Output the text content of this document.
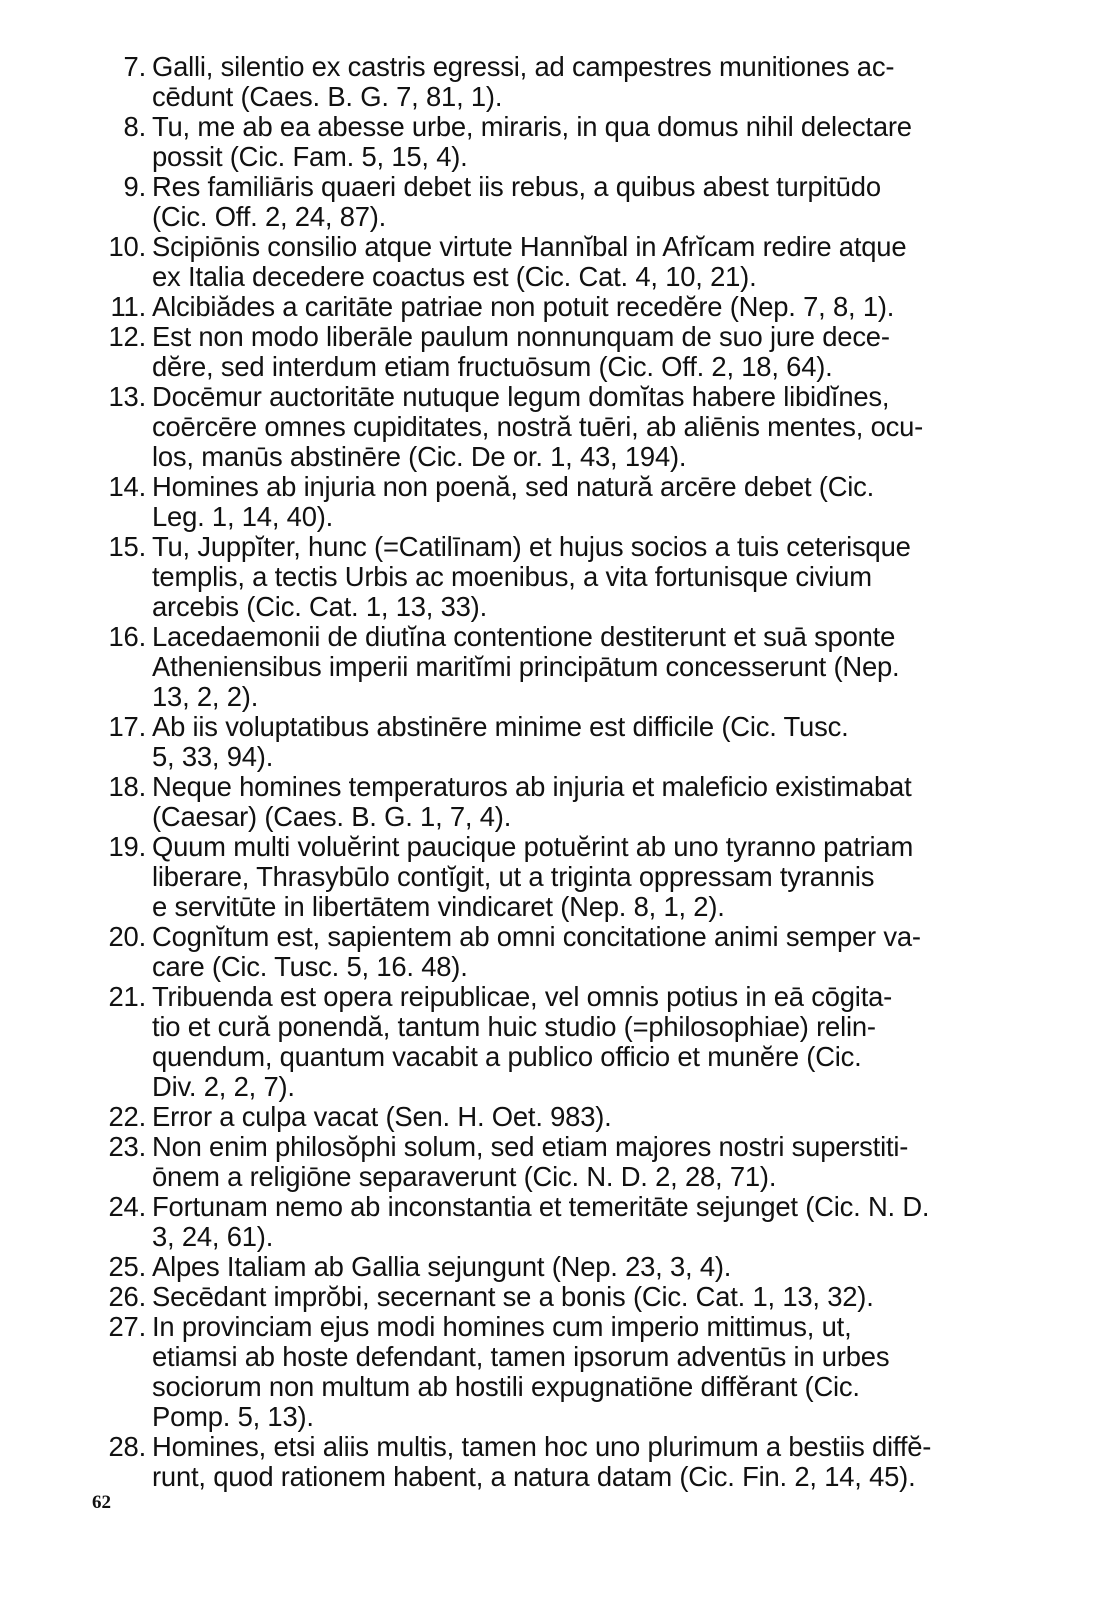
7. Galli, silentio ex castris egressi, ad campestres munitiones ac-
cēdunt (Caes. B. G. 7, 81, 1).
8. Tu, me ab ea abesse urbe, miraris, in qua domus nihil delectare
possit (Cic. Fam. 5, 15, 4).
9. Res familiāris quaeri debet iis rebus, a quibus abest turpitūdo
(Cic. Off. 2, 24, 87).
10. Scipiōnis consilio atque virtute Hannĭbal in Afrĭcam redire atque
ex Italia decedere coactus est (Cic. Cat. 4, 10, 21).
11. Alcibiădes a caritāte patriae non potuit recedĕre (Nep. 7, 8, 1).
12. Est non modo liberāle paulum nonnunquam de suo jure dece-
dĕre, sed interdum etiam fructuōsum (Cic. Off. 2, 18, 64).
13. Docēmur auctoritāte nutuque legum domĭtas habere libidĭnes,
coērcēre omnes cupiditates, nostră tuēri, ab aliēnis mentes, ocu-
los, manūs abstinēre (Cic. De or. 1, 43, 194).
14. Homines ab injuria non poenă, sed natură arcēre debet (Cic.
Leg. 1, 14, 40).
15. Tu, Juppĭter, hunc (=Catilīnam) et hujus socios a tuis ceterisque
templis, a tectis Urbis ac moenibus, a vita fortunisque civium
arcebis (Cic. Cat. 1, 13, 33).
16. Lacedaemonii de diutĭna contentione destiterunt et suā sponte
Atheniensibus imperii maritĭmi principātum concesserunt (Nep.
13, 2, 2).
17. Ab iis voluptatibus abstinēre minime est difficile (Cic. Tusc.
5, 33, 94).
18. Neque homines temperaturos ab injuria et maleficio existimabat
(Caesar) (Caes. B. G. 1, 7, 4).
19. Quum multi voluĕrint paucique potuĕrint ab uno tyranno patriam
liberare, Thrasybūlo contĭgit, ut a triginta oppressam tyrannis
e servitūte in libertātem vindicaret (Nep. 8, 1, 2).
20. Cognĭtum est, sapientem ab omni concitatione animi semper va-
care (Cic. Tusc. 5, 16. 48).
21. Tribuenda est opera reipublicae, vel omnis potius in eā cōgita-
tio et cură ponendă, tantum huic studio (=philosophiae) relin-
quendum, quantum vacabit a publico officio et munĕre (Cic.
Div. 2, 2, 7).
22. Error a culpa vacat (Sen. H. Oet. 983).
23. Non enim philosŏphi solum, sed etiam majores nostri superstiti-
ōnem a religiōne separaverunt (Cic. N. D. 2, 28, 71).
24. Fortunam nemo ab inconstantia et temeritāte sejunget (Cic. N. D.
3, 24, 61).
25. Alpes Italiam ab Gallia sejungunt (Nep. 23, 3, 4).
26. Secēdant imprŏbi, secernant se a bonis (Cic. Cat. 1, 13, 32).
27. In provinciam ejus modi homines cum imperio mittimus, ut,
etiamsi ab hoste defendant, tamen ipsorum adventūs in urbes
sociorum non multum ab hostili expugnatiōne diffĕrant (Cic.
Pomp. 5, 13).
28. Homines, etsi aliis multis, tamen hoc uno plurimum a bestiis diffĕ-
runt, quod rationem habent, a natura datam (Cic. Fin. 2, 14, 45).
62
